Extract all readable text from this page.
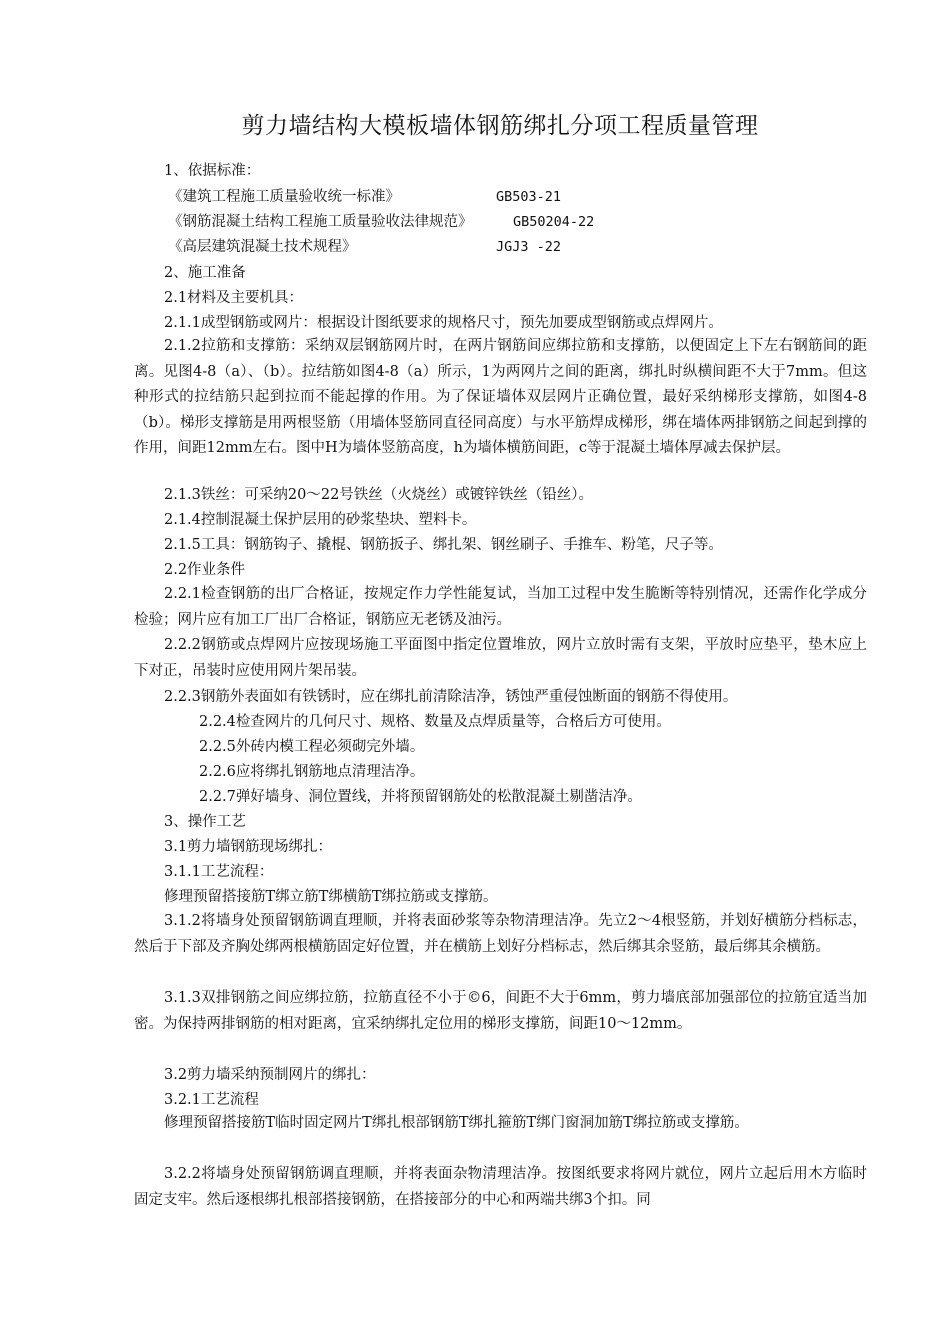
剪力墙结构大模板墙体钢筋绑扎分项工程质量管理
1、依据标准：
《建筑工程施工质量验收统一标准》	GB503-21
《钢筋混凝土结构工程施工质量验收法律规范》	GB50204-22
《高层建筑混凝土技术规程》	JGJ3 -22
2、施工准备
2.1材料及主要机具：
2.1.1成型钢筋或网片：根据设计图纸要求的规格尺寸，预先加要成型钢筋或点焊网片。
2.1.2拉筋和支撑筋：采纳双层钢筋网片时，在两片钢筋间应绑拉筋和支撑筋，以便固定上下左右钢筋间的距离。见图4-8（a）、（b）。拉结筋如图4-8（a）所示，1为两网片之间的距离，绑扎时纵横间距不大于7mm。但这种形式的拉结筋只起到拉而不能起撑的作用。为了保证墙体双层网片正确位置，最好采纳梯形支撑筋，如图4-8（b）。梯形支撑筋是用两根竖筋（用墙体竖筋同直径同高度）与水平筋焊成梯形，绑在墙体两排钢筋之间起到撑的作用，间距12mm左右。图中H为墙体竖筋高度，h为墙体横筋间距，c等于混凝土墙体厚减去保护层。
2.1.3铁丝：可采纳20〜22号铁丝（火烧丝）或镀锌铁丝（铅丝）。
2.1.4控制混凝土保护层用的砂浆垫块、塑料卡。
2.1.5工具：钢筋钩子、撬棍、钢筋扳子、绑扎架、钢丝刷子、手推车、粉笔，尺子等。
2.2作业条件
2.2.1检查钢筋的出厂合格证，按规定作力学性能复试，当加工过程中发生脆断等特别情况，还需作化学成分检验；网片应有加工厂出厂合格证，钢筋应无老锈及油污。
2.2.2钢筋或点焊网片应按现场施工平面图中指定位置堆放，网片立放时需有支架，平放时应垫平，垫木应上下对正，吊装时应使用网片架吊装。
2.2.3钢筋外表面如有铁锈时，应在绑扎前清除洁净，锈蚀严重侵蚀断面的钢筋不得使用。
2.2.4检查网片的几何尺寸、规格、数量及点焊质量等，合格后方可使用。
2.2.5外砖内模工程必须砌完外墙。
2.2.6应将绑扎钢筋地点清理洁净。
2.2.7弹好墙身、洞位置线，并将预留钢筋处的松散混凝土剔凿洁净。
3、操作工艺
3.1剪力墙钢筋现场绑扎：
3.1.1工艺流程：
修理预留搭接筋T绑立筋T绑横筋T绑拉筋或支撑筋。
3.1.2将墙身处预留钢筋调直理顺，并将表面砂浆等杂物清理洁净。先立2〜4根竖筋，并划好横筋分档标志，然后于下部及齐胸处绑两根横筋固定好位置，并在横筋上划好分档标志，然后绑其余竖筋，最后绑其余横筋。
3.1.3双排钢筋之间应绑拉筋，拉筋直径不小于©6，间距不大于6mm，剪力墙底部加强部位的拉筋宜适当加密。为保持两排钢筋的相对距离，宜采纳绑扎定位用的梯形支撑筋，间距10〜12mm。
3.2剪力墙采纳预制网片的绑扎：
3.2.1工艺流程
修理预留搭接筋T临时固定网片T绑扎根部钢筋T绑扎箍筋T绑门窗洞加筋T绑拉筋或支撑筋。
3.2.2将墙身处预留钢筋调直理顺，并将表面杂物清理洁净。按图纸要求将网片就位，网片立起后用木方临时固定支牢。然后逐根绑扎根部搭接钢筋，在搭接部分的中心和两端共绑3个扣。同
